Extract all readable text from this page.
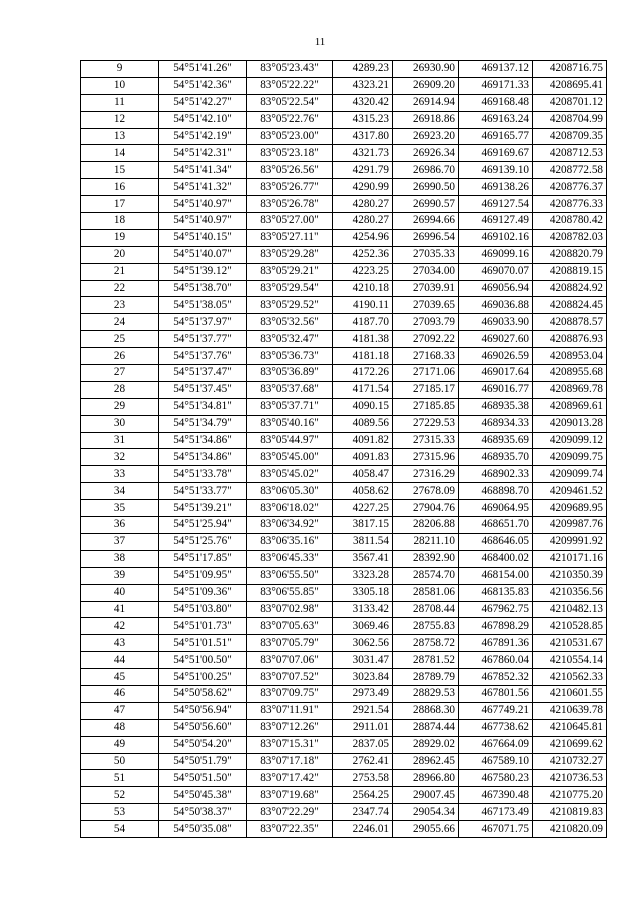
11
9	54°51'41.26"	83°05'23.43"	4289.23	26930.90	469137.12	4208716.75
10	54°51'42.36"	83°05'22.22"	4323.21	26909.20	469171.33	4208695.41
11	54°51'42.27"	83°05'22.54"	4320.42	26914.94	469168.48	4208701.12
12	54°51'42.10"	83°05'22.76"	4315.23	26918.86	469163.24	4208704.99
13	54°51'42.19"	83°05'23.00"	4317.80	26923.20	469165.77	4208709.35
14	54°51'42.31"	83°05'23.18"	4321.73	26926.34	469169.67	4208712.53
15	54°51'41.34"	83°05'26.56"	4291.79	26986.70	469139.10	4208772.58
16	54°51'41.32"	83°05'26.77"	4290.99	26990.50	469138.26	4208776.37
17	54°51'40.97"	83°05'26.78"	4280.27	26990.57	469127.54	4208776.33
18	54°51'40.97"	83°05'27.00"	4280.27	26994.66	469127.49	4208780.42
19	54°51'40.15"	83°05'27.11"	4254.96	26996.54	469102.16	4208782.03
20	54°51'40.07"	83°05'29.28"	4252.36	27035.33	469099.16	4208820.79
21	54°51'39.12"	83°05'29.21"	4223.25	27034.00	469070.07	4208819.15
22	54°51'38.70"	83°05'29.54"	4210.18	27039.91	469056.94	4208824.92
23	54°51'38.05"	83°05'29.52"	4190.11	27039.65	469036.88	4208824.45
24	54°51'37.97"	83°05'32.56"	4187.70	27093.79	469033.90	4208878.57
25	54°51'37.77"	83°05'32.47"	4181.38	27092.22	469027.60	4208876.93
26	54°51'37.76"	83°05'36.73"	4181.18	27168.33	469026.59	4208953.04
27	54°51'37.47"	83°05'36.89"	4172.26	27171.06	469017.64	4208955.68
28	54°51'37.45"	83°05'37.68"	4171.54	27185.17	469016.77	4208969.78
29	54°51'34.81"	83°05'37.71"	4090.15	27185.85	468935.38	4208969.61
30	54°51'34.79"	83°05'40.16"	4089.56	27229.53	468934.33	4209013.28
31	54°51'34.86"	83°05'44.97"	4091.82	27315.33	468935.69	4209099.12
32	54°51'34.86"	83°05'45.00"	4091.83	27315.96	468935.70	4209099.75
33	54°51'33.78"	83°05'45.02"	4058.47	27316.29	468902.33	4209099.74
34	54°51'33.77"	83°06'05.30"	4058.62	27678.09	468898.70	4209461.52
35	54°51'39.21"	83°06'18.02"	4227.25	27904.76	469064.95	4209689.95
36	54°51'25.94"	83°06'34.92"	3817.15	28206.88	468651.70	4209987.76
37	54°51'25.76"	83°06'35.16"	3811.54	28211.10	468646.05	4209991.92
38	54°51'17.85"	83°06'45.33"	3567.41	28392.90	468400.02	4210171.16
39	54°51'09.95"	83°06'55.50"	3323.28	28574.70	468154.00	4210350.39
40	54°51'09.36"	83°06'55.85"	3305.18	28581.06	468135.83	4210356.56
41	54°51'03.80"	83°07'02.98"	3133.42	28708.44	467962.75	4210482.13
42	54°51'01.73"	83°07'05.63"	3069.46	28755.83	467898.29	4210528.85
43	54°51'01.51"	83°07'05.79"	3062.56	28758.72	467891.36	4210531.67
44	54°51'00.50"	83°07'07.06"	3031.47	28781.52	467860.04	4210554.14
45	54°51'00.25"	83°07'07.52"	3023.84	28789.79	467852.32	4210562.33
46	54°50'58.62"	83°07'09.75"	2973.49	28829.53	467801.56	4210601.55
47	54°50'56.94"	83°07'11.91"	2921.54	28868.30	467749.21	4210639.78
48	54°50'56.60"	83°07'12.26"	2911.01	28874.44	467738.62	4210645.81
49	54°50'54.20"	83°07'15.31"	2837.05	28929.02	467664.09	4210699.62
50	54°50'51.79"	83°07'17.18"	2762.41	28962.45	467589.10	4210732.27
51	54°50'51.50"	83°07'17.42"	2753.58	28966.80	467580.23	4210736.53
52	54°50'45.38"	83°07'19.68"	2564.25	29007.45	467390.48	4210775.20
53	54°50'38.37"	83°07'22.29"	2347.74	29054.34	467173.49	4210819.83
54	54°50'35.08"	83°07'22.35"	2246.01	29055.66	467071.75	4210820.09
